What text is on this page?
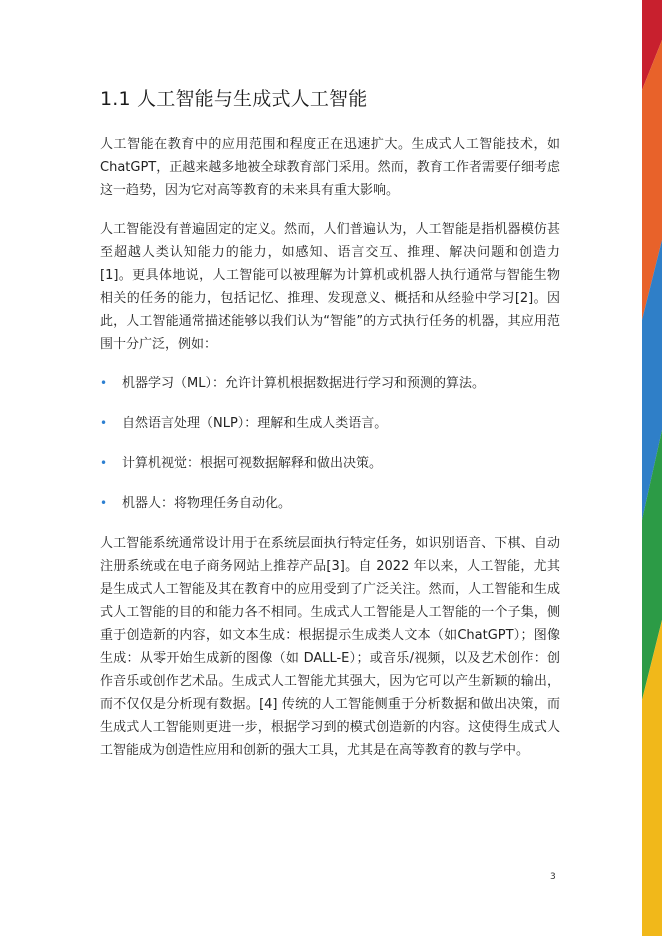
1.1 人工智能与生成式人工智能

人工智能在教育中的应用范围和程度正在迅速扩大。生成式人工智能技术，如ChatGPT，正越来越多地被全球教育部门采用。然而，教育工作者需要仔细考虑这一趋势，因为它对高等教育的未来具有重大影响。

人工智能没有普遍固定的定义。然而，人们普遍认为，人工智能是指机器模仿甚至超越人类认知能力的能力，如感知、语言交互、推理、解决问题和创造力[1]。更具体地说，人工智能可以被理解为计算机或机器人执行通常与智能生物相关的任务的能力，包括记忆、推理、发现意义、概括和从经验中学习[2]。因此，人工智能通常描述能够以我们认为“智能”的方式执行任务的机器，其应用范围十分广泛，例如：

• 机器学习（ML）：允许计算机根据数据进行学习和预测的算法。
• 自然语言处理（NLP）：理解和生成人类语言。
• 计算机视觉：根据可视数据解释和做出决策。
• 机器人：将物理任务自动化。

人工智能系统通常设计用于在系统层面执行特定任务，如识别语音、下棋、自动注册系统或在电子商务网站上推荐产品[3]。自 2022 年以来，人工智能，尤其是生成式人工智能及其在教育中的应用受到了广泛关注。然而，人工智能和生成式人工智能的目的和能力各不相同。生成式人工智能是人工智能的一个子集，侧重于创造新的内容，如文本生成：根据提示生成类人文本（如ChatGPT）；图像生成：从零开始生成新的图像（如 DALL-E）；或音乐/视频，以及艺术创作：创作音乐或创作艺术品。生成式人工智能尤其强大，因为它可以产生新颖的输出，而不仅仅是分析现有数据。[4] 传统的人工智能侧重于分析数据和做出决策，而生成式人工智能则更进一步，根据学习到的模式创造新的内容。这使得生成式人工智能成为创造性应用和创新的强大工具，尤其是在高等教育的教与学中。

3
